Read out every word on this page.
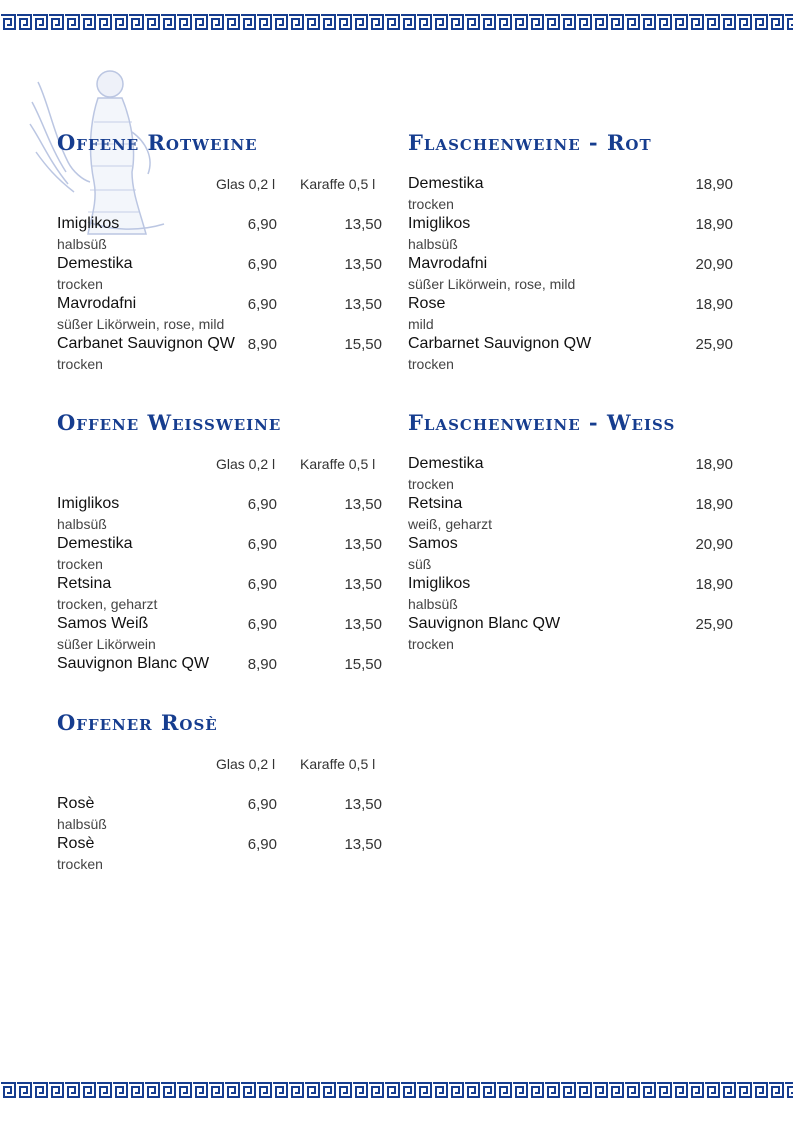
Offene Rotweine
Glas 0,2 l Karaffe 0,5 l
Imiglikos
halbsüß
6,90	13,50
Demestika
trocken
6,90	13,50
Mavrodafni
süßer Likörwein, rose, mild
6,90	13,50
Carbanet Sauvignon QW
trocken
8,90	15,50
Offene Weissweine
Glas 0,2 l Karaffe 0,5 l
Imiglikos
halbsüß
6,90	13,50
Demestika
trocken
6,90	13,50
Retsina
trocken, geharzt
6,90	13,50
Samos Weiß
süßer Likörwein
6,90	13,50
Sauvignon Blanc QW	8,90	15,50
Offener Rosè
Glas 0,2 l Karaffe 0,5 l
Rosè
halbsüß
6,90	13,50
Rosè
trocken
6,90	13,50
Flaschenweine - Rot
Demestika
trocken
18,90
Imiglikos
halbsüß
18,90
Mavrodafni
süßer Likörwein, rose, mild
20,90
Rose
mild
18,90
Carbarnet Sauvignon QW
trocken
25,90
Flaschenweine - Weiss
Demestika
trocken
18,90
Retsina
weiß, geharzt
18,90
Samos
süß
20,90
Imiglikos
halbsüß
18,90
Sauvignon Blanc QW
trocken
25,90
